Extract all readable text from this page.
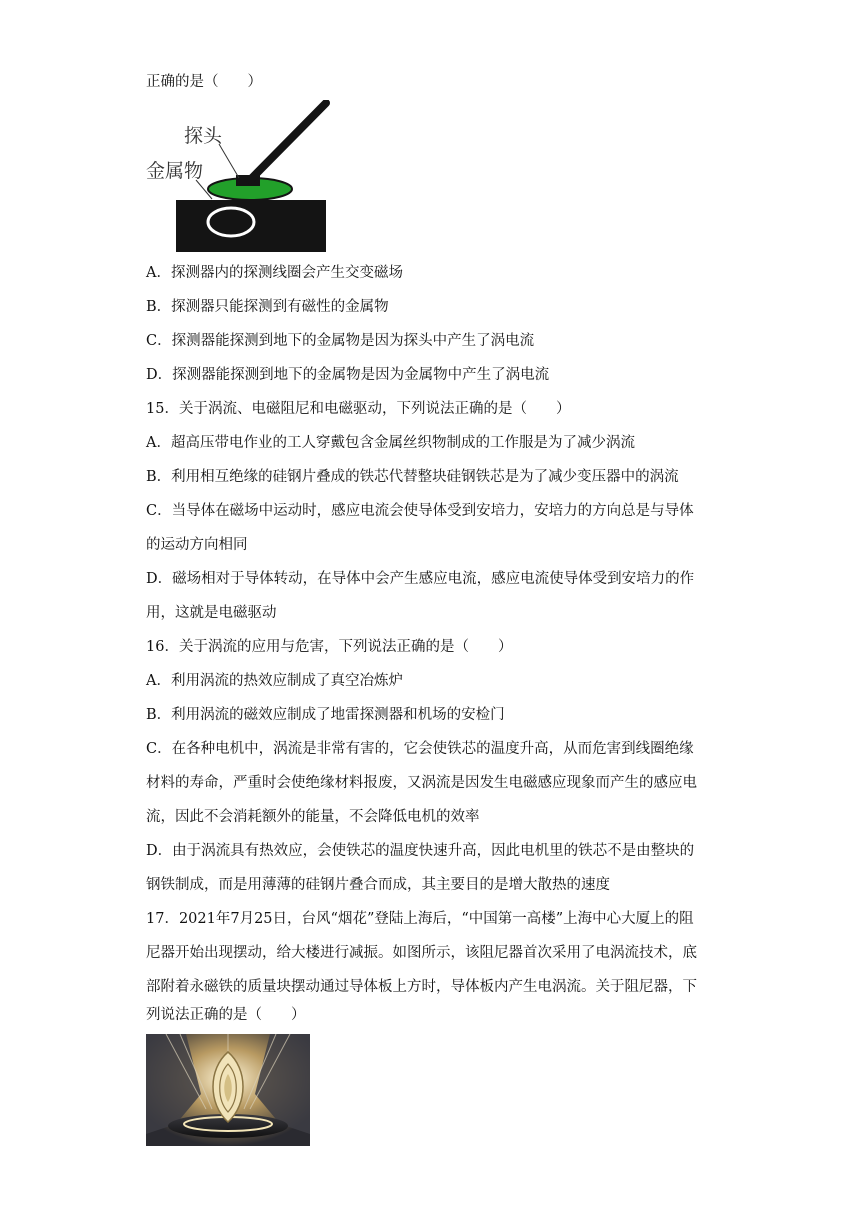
正确的是（　　）
探头
金属物
A．探测器内的探测线圈会产生交变磁场
B．探测器只能探测到有磁性的金属物
C．探测器能探测到地下的金属物是因为探头中产生了涡电流
D．探测器能探测到地下的金属物是因为金属物中产生了涡电流
15．关于涡流、电磁阻尼和电磁驱动，下列说法正确的是（　　）
A．超高压带电作业的工人穿戴包含金属丝织物制成的工作服是为了减少涡流
B．利用相互绝缘的硅钢片叠成的铁芯代替整块硅钢铁芯是为了减少变压器中的涡流
C．当导体在磁场中运动时，感应电流会使导体受到安培力，安培力的方向总是与导体
的运动方向相同
D．磁场相对于导体转动，在导体中会产生感应电流，感应电流使导体受到安培力的作
用，这就是电磁驱动
16．关于涡流的应用与危害，下列说法正确的是（　　）
A．利用涡流的热效应制成了真空冶炼炉
B．利用涡流的磁效应制成了地雷探测器和机场的安检门
C．在各种电机中，涡流是非常有害的，它会使铁芯的温度升高，从而危害到线圈绝缘
材料的寿命，严重时会使绝缘材料报废，又涡流是因发生电磁感应现象而产生的感应电
流，因此不会消耗额外的能量，不会降低电机的效率
D．由于涡流具有热效应，会使铁芯的温度快速升高，因此电机里的铁芯不是由整块的
钢铁制成，而是用薄薄的硅钢片叠合而成，其主要目的是增大散热的速度
17．2021年7月25日，台风“烟花”登陆上海后，“中国第一高楼”上海中心大厦上的阻
尼器开始出现摆动，给大楼进行减振。如图所示，该阻尼器首次采用了电涡流技术，底
部附着永磁铁的质量块摆动通过导体板上方时，导体板内产生电涡流。关于阻尼器，下
列说法正确的是（　　）
